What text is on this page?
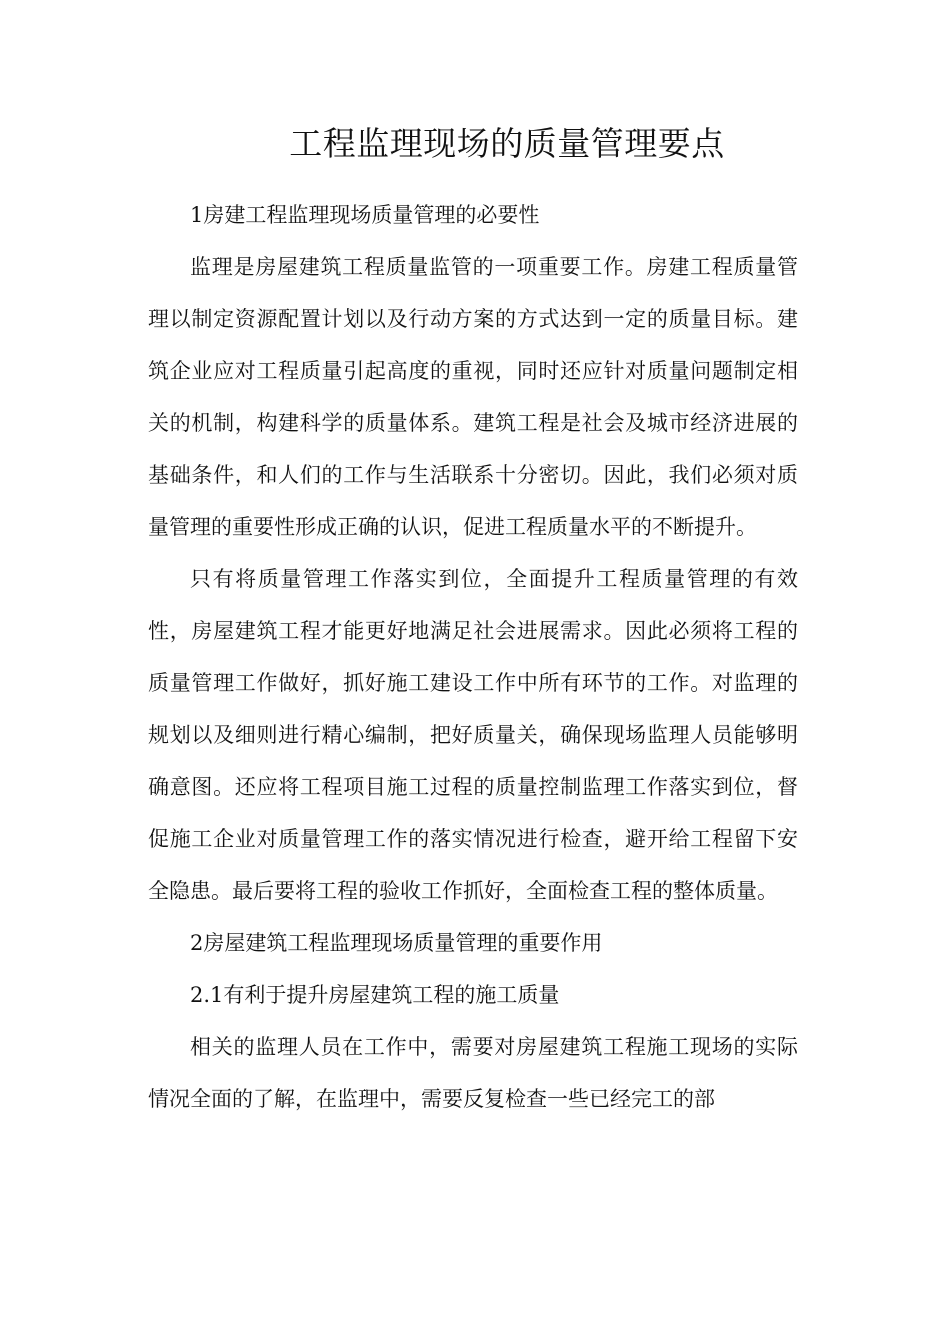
工程监理现场的质量管理要点

1房建工程监理现场质量管理的必要性

监理是房屋建筑工程质量监管的一项重要工作。房建工程质量管理以制定资源配置计划以及行动方案的方式达到一定的质量目标。建筑企业应对工程质量引起高度的重视，同时还应针对质量问题制定相关的机制，构建科学的质量体系。建筑工程是社会及城市经济进展的基础条件，和人们的工作与生活联系十分密切。因此，我们必须对质量管理的重要性形成正确的认识，促进工程质量水平的不断提升。

只有将质量管理工作落实到位，全面提升工程质量管理的有效性，房屋建筑工程才能更好地满足社会进展需求。因此必须将工程的质量管理工作做好，抓好施工建设工作中所有环节的工作。对监理的规划以及细则进行精心编制，把好质量关，确保现场监理人员能够明确意图。还应将工程项目施工过程的质量控制监理工作落实到位，督促施工企业对质量管理工作的落实情况进行检查，避开给工程留下安全隐患。最后要将工程的验收工作抓好，全面检查工程的整体质量。

2房屋建筑工程监理现场质量管理的重要作用

2.1有利于提升房屋建筑工程的施工质量

相关的监理人员在工作中，需要对房屋建筑工程施工现场的实际情况全面的了解，在监理中，需要反复检查一些已经完工的部
